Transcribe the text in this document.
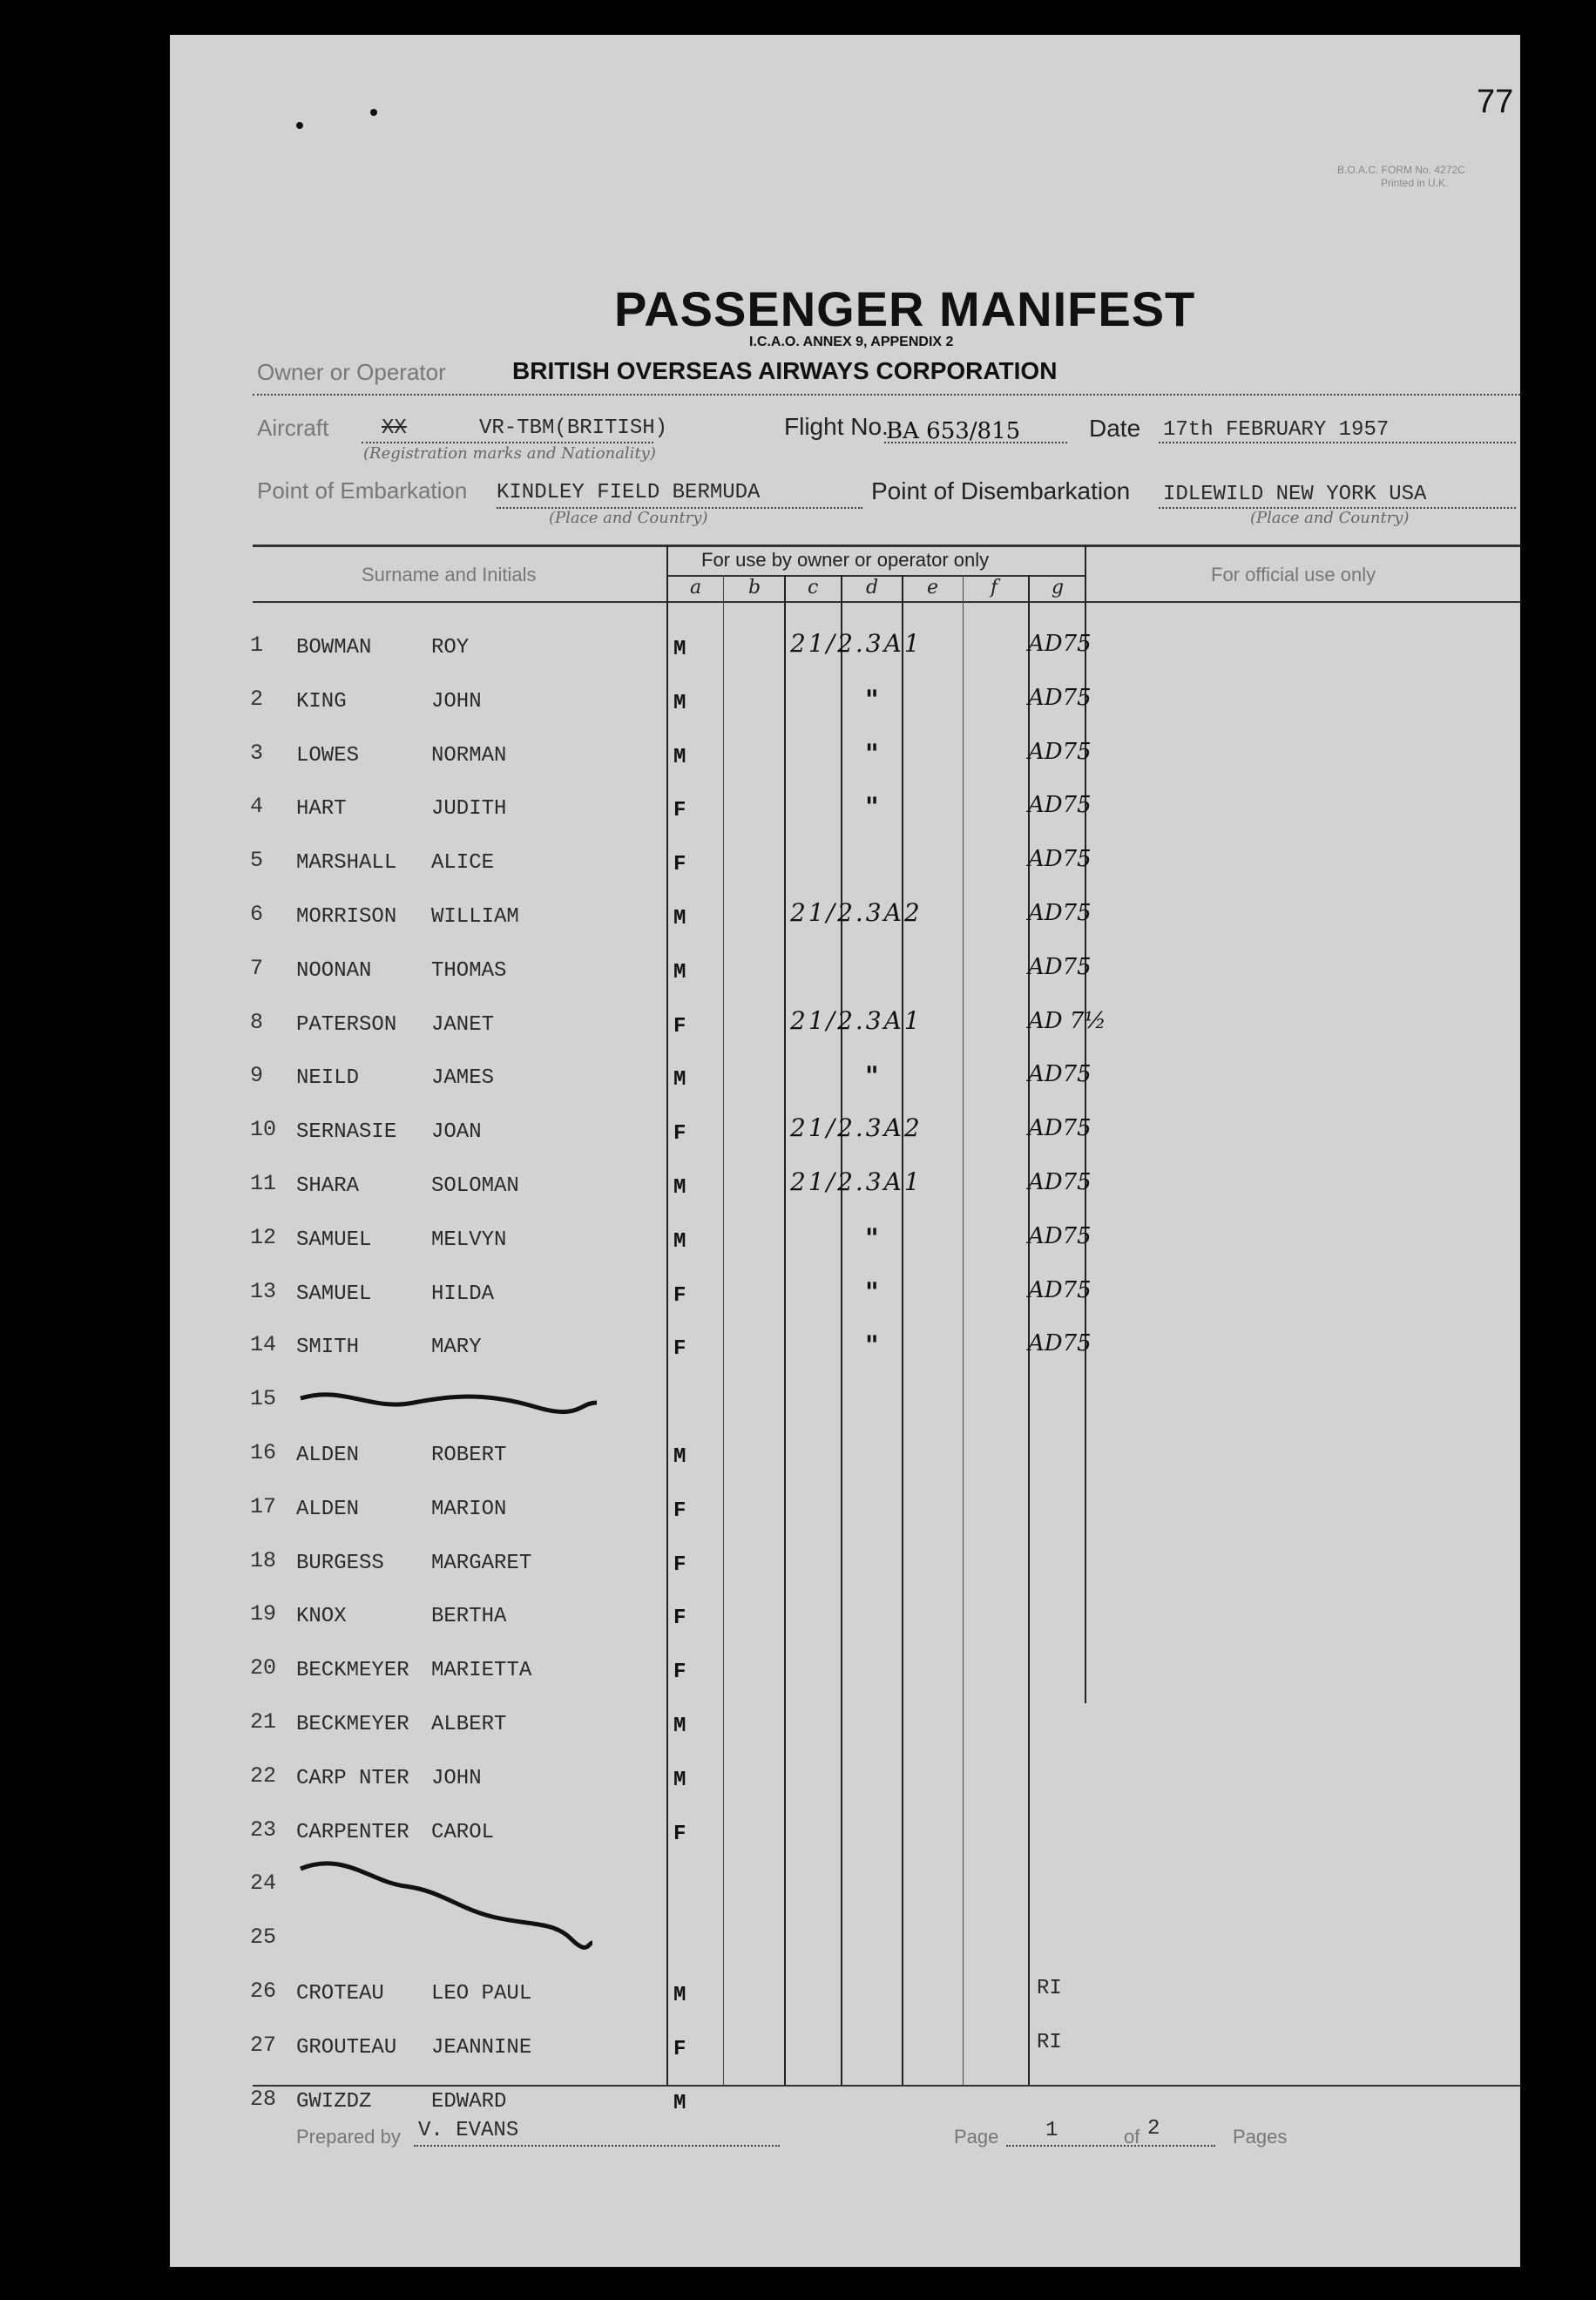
77
B.O.A.C. FORM No. 4272C
Printed in U.K.
PASSENGER MANIFEST
I.C.A.O. ANNEX 9, APPENDIX 2
Owner or Operator	BRITISH OVERSEAS AIRWAYS CORPORATION
Aircraft	XX	VR-TBM(BRITISH)
(Registration marks and Nationality)
Flight No.
BA 653/815	Date 17th FEBRUARY 1957
Point of Embarkation KINDLEY FIELD BERMUDA
(Place and Country)
Point of Disembarkation IDLEWILD NEW YORK USA
(Place and Country)
Surname and Initials
For use by owner or operator only
For official use only
a b c d	e	f	g
1 BOWMAN	ROY	M	21/2.3A1	AD75
2 KING	JOHN	M	"	AD75
3 LOWES	NORMAN	M	"	AD75
4 HART	JUDITH	F	"	AD75
5 MARSHALL ALICE	F	AD75
6 MORRISON WILLIAM	M	21/2.3A2	AD75
7 NOONAN	THOMAS	M	AD75
8 PATERSON JANET	F	21/2.3A1	AD 7½
9 NEILD	JAMES	M	"	AD75
10 SERNASIE JOAN	F	21/2.3A2	AD75
11 SHARA	SOLOMAN	M	21/2.3A1	AD75
12 SAMUEL	MELVYN	M	"	AD75
13 SAMUEL	HILDA	F	"	AD75
14 SMITH	MARY	F	"	AD75
15
16 ALDEN	ROBERT	M
17 ALDEN	MARION	F
18 BURGESS MARGARET	F
19 KNOX	BERTHA	F
20 BECKMEYER MARIETTA	F
21 BECKMEYER ALBERT	M
22 CARP NTER JOHN	M
23 CARPENTER CAROL	F
24
25
26 CROTEAU LEO PAUL	M	RI
27 GROUTEAU JEANNINE	F	RI
28 GWIZDZ	EDWARD	M
Prepared by V. EVANS	Page 1	of 2	Pages
